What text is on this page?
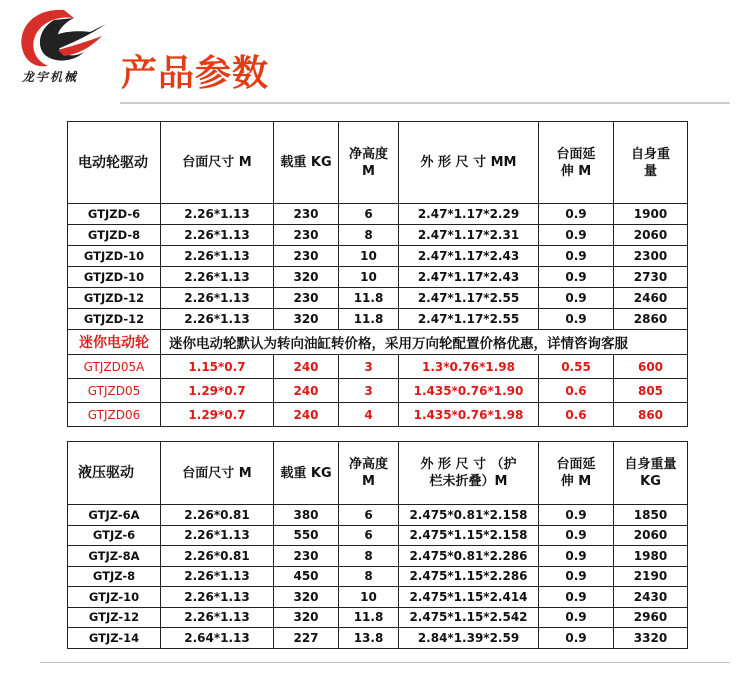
龙宇机械 产品参数
电动轮驱动	台面尺寸 M	载重 KG	净高度 M	外 形 尺 寸 MM	台面延伸 M	自身重量
GTJZD-6	2.26*1.13	230	6	2.47*1.17*2.29	0.9	1900
GTJZD-8	2.26*1.13	230	8	2.47*1.17*2.31	0.9	2060
GTJZD-10	2.26*1.13	230	10	2.47*1.17*2.43	0.9	2300
GTJZD-10	2.26*1.13	320	10	2.47*1.17*2.43	0.9	2730
GTJZD-12	2.26*1.13	230	11.8	2.47*1.17*2.55	0.9	2460
GTJZD-12	2.26*1.13	320	11.8	2.47*1.17*2.55	0.9	2860
迷你电动轮	迷你电动轮默认为转向油缸转价格，采用万向轮配置价格优惠，详情咨询客服					
GTJZD05A	1.15*0.7	240	3	1.3*0.76*1.98	0.55	600
GTJZD05	1.29*0.7	240	3	1.435*0.76*1.90	0.6	805
GTJZD06	1.29*0.7	240	4	1.435*0.76*1.98	0.6	860
液压驱动	台面尺寸 M	载重 KG	净高度 M	外 形 尺 寸 （护栏未折叠）M	台面延伸 M	自身重量 KG
GTJZ-6A	2.26*0.81	380	6	2.475*0.81*2.158	0.9	1850
GTJZ-6	2.26*1.13	550	6	2.475*1.15*2.158	0.9	2060
GTJZ-8A	2.26*0.81	230	8	2.475*0.81*2.286	0.9	1980
GTJZ-8	2.26*1.13	450	8	2.475*1.15*2.286	0.9	2190
GTJZ-10	2.26*1.13	320	10	2.475*1.15*2.414	0.9	2430
GTJZ-12	2.26*1.13	320	11.8	2.475*1.15*2.542	0.9	2960
GTJZ-14	2.64*1.13	227	13.8	2.84*1.39*2.59	0.9	3320
